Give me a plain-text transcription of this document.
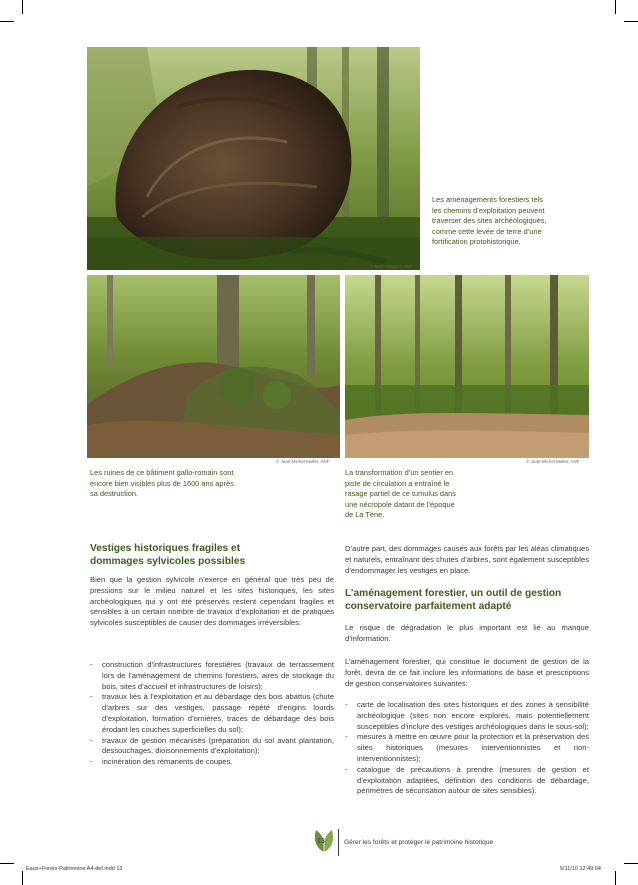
© Marc Wagner, ANF
Les aménagements forestiers tels les chemins d’exploitation peuvent traverser des sites archéologiques, comme cette levée de terre d’une fortification protohistorique.
© Jean-Michel Muller, ANF	© Jean-Michel Muller, ANF
Les ruines de ce bâtiment gallo-romain sont encore bien visibles plus de 1600 ans après sa destruction.
La transformation d’un sentier en piste de circulation a entraîné le rasage partiel de ce tumulus dans une nécropole datant de l’époque de La Tène.
Vestiges historiques fragiles et dommages sylvicoles possibles
Bien que la gestion sylvicole n’exerce en général que très peu de pressions sur le milieu naturel et les sites historiques, les sites archéologiques qui y ont été préservés restent cependant fragiles et sensibles à un certain nombre de travaux d’exploitation et de pratiques sylvicoles susceptibles de causer des dommages irréversibles:
- construction d’infrastructures forestières (travaux de terrassement lors de l’aménagement de chemins forestiers, aires de stockage du bois, sites d’accueil et infrastructures de loisirs);
- travaux liés à l’exploitation et au débardage des bois abattus (chute d’arbres sur des vestiges, passage répété d’engins lourds d’exploitation, formation d’ornières, traces de débardage des bois érodant les couches superficielles du sol);
- travaux de gestion mécanisés (préparation du sol avant plantation, dessouchages, dioisonnements d’exploitation);
- incinération des rémanents de coupes.
D’autre part, des dommages causés aux forêts par les aléas climatiques et naturels, entraînant des chutes d’arbres, sont également susceptibles d’endommager les vestiges en place.
L’aménagement forestier, un outil de gestion conservatoire parfaitement adapté
Le risque de dégradation le plus important est lié au manque d’information.
L’aménagement forestier, qui constitue le document de gestion de la forêt, devra de ce fait inclure les informations de base et prescriptions de gestion conservatoires suivantes:
- carte de localisation des sites historiques et des zones à sensibilité archéologique (sites non encore explorés, mais potentiellement susceptibles d’inclure des vestiges archéologiques dans le sous-sol);
- mesures à mettre en œuvre pour la protection et la préservation des sites historiques (mesures interventionnistes et non-interventionnistes);
- catalogue de précautions à prendre (mesures de gestion et d’exploitation adaptées, définition des conditions de débardage, périmètres de sécurisation autour de sites sensibles).
13	Gérer les forêts et protéger le patrimoine historique
Eaux+Forets-Patrimoine A4-def.indd 13	5/11/10 12:49:04
